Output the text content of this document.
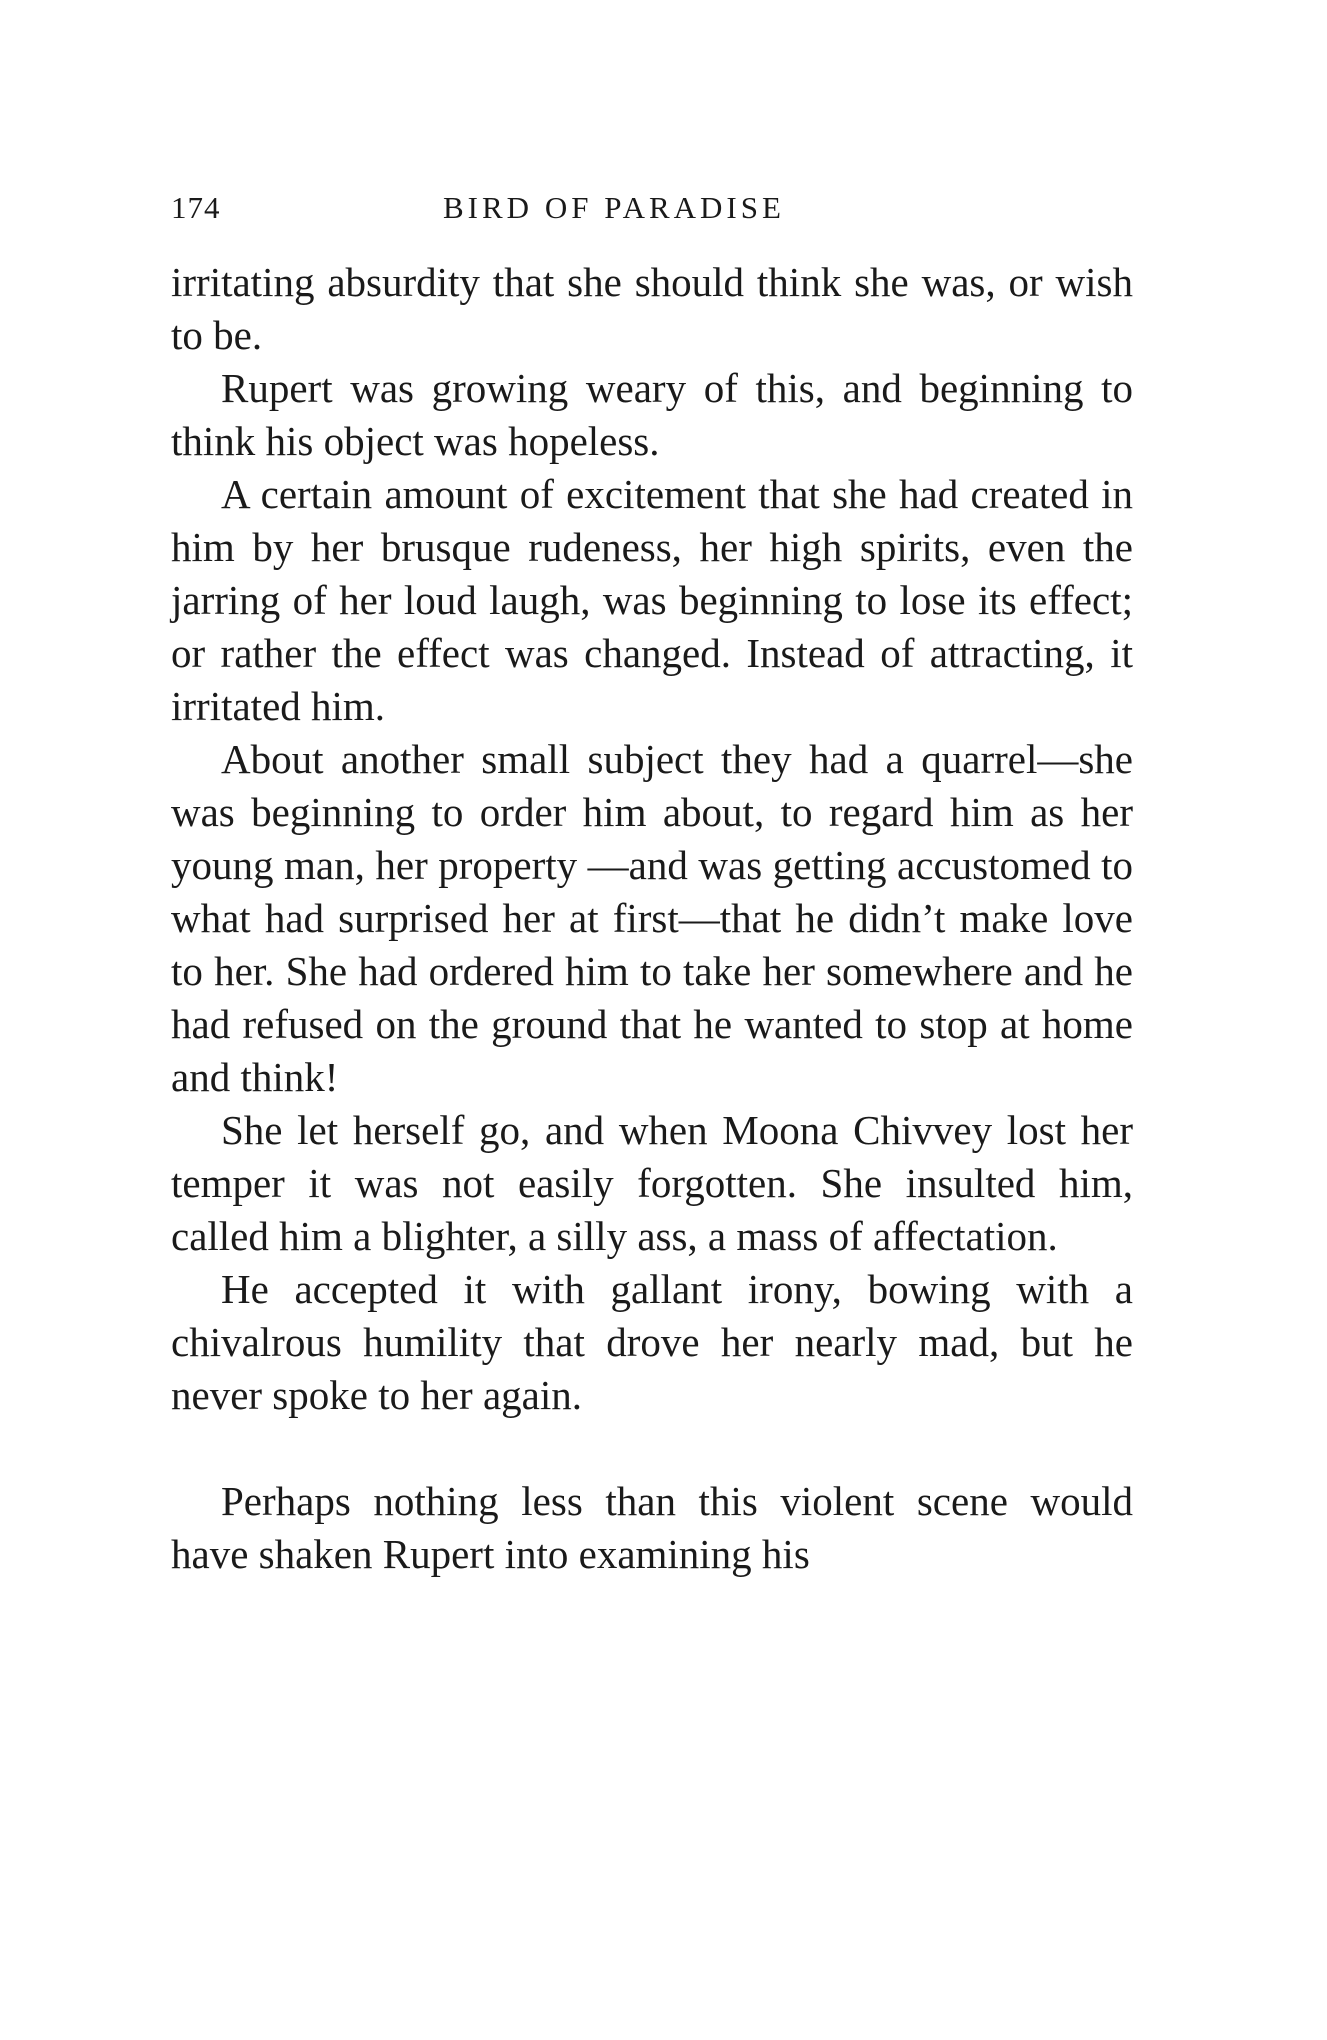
174	BIRD OF PARADISE

irritating absurdity that she should think she was, or wish to be.

Rupert was growing weary of this, and beginning to think his object was hopeless.

A certain amount of excitement that she had created in him by her brusque rudeness, her high spirits, even the jarring of her loud laugh, was beginning to lose its effect; or rather the effect was changed. Instead of attracting, it irritated him.

About another small subject they had a quarrel—she was beginning to order him about, to regard him as her young man, her property —and was getting accustomed to what had surprised her at first—that he didn’t make love to her. She had ordered him to take her somewhere and he had refused on the ground that he wanted to stop at home and think!

She let herself go, and when Moona Chivvey lost her temper it was not easily forgotten. She insulted him, called him a blighter, a silly ass, a mass of affectation.

He accepted it with gallant irony, bowing with a chivalrous humility that drove her nearly mad, but he never spoke to her again.

Perhaps nothing less than this violent scene would have shaken Rupert into examining his
